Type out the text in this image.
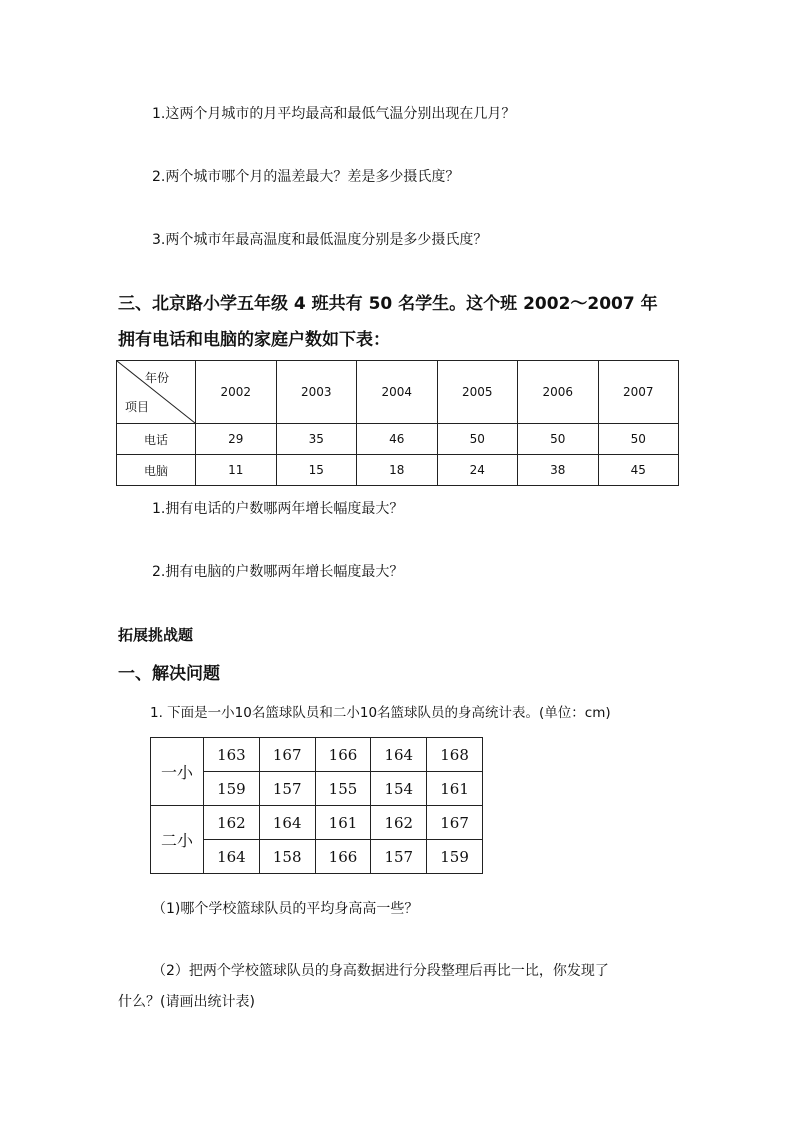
1.这两个月城市的月平均最高和最低气温分别出现在几月？
2.两个城市哪个月的温差最大？差是多少摄氏度？
3.两个城市年最高温度和最低温度分别是多少摄氏度？
三、北京路小学五年级 4 班共有 50 名学生。这个班 2002～2007 年
拥有电话和电脑的家庭户数如下表：
年份
项目	2002	2003	2004	2005	2006	2007
电话	29	35	46	50	50	50
电脑	11	15	18	24	38	45
1.拥有电话的户数哪两年增长幅度最大？
2.拥有电脑的户数哪两年增长幅度最大？
拓展挑战题
一、解决问题
1. 下面是一小10名篮球队员和二小10名篮球队员的身高统计表。(单位：cm)
一小	163	167	166	164	168
	159	157	155	154	161
二小	162	164	161	162	167
	164	158	166	157	159
（1)哪个学校篮球队员的平均身高高一些？
（2）把两个学校篮球队员的身高数据进行分段整理后再比一比，你发现了
什么？(请画出统计表)
